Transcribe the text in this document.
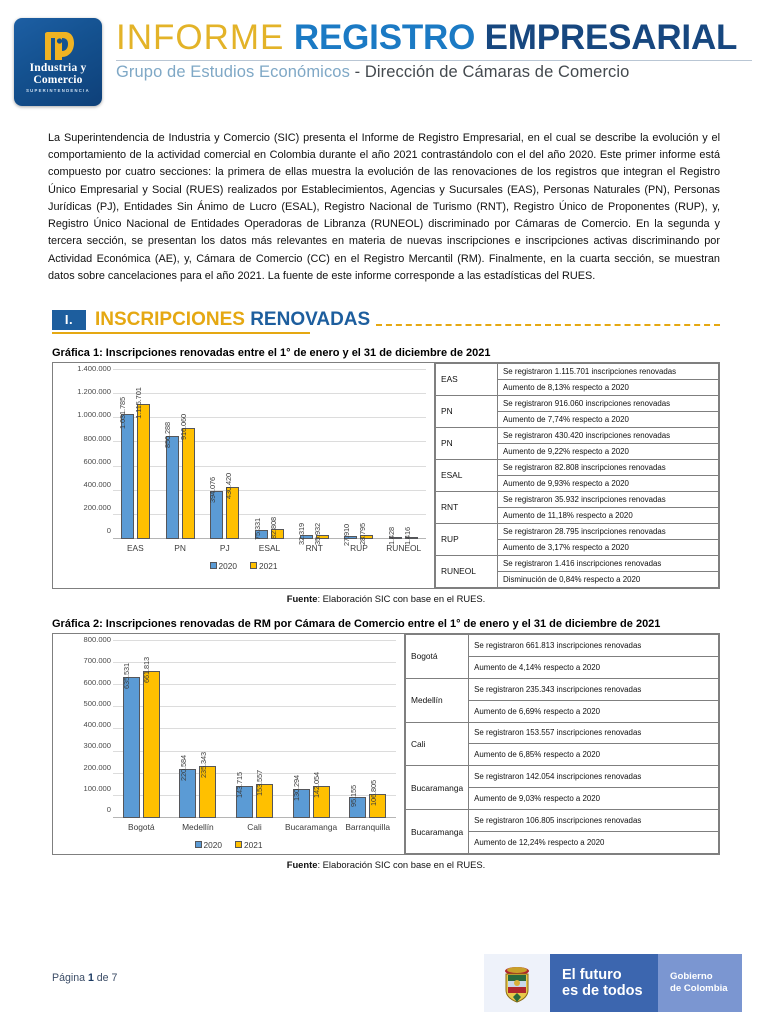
Industria y
Comercio
SUPERINTENDENCIA
INFORME REGISTRO EMPRESARIAL
Grupo de Estudios Económicos - Dirección de Cámaras de Comercio

La Superintendencia de Industria y Comercio (SIC) presenta el Informe de Registro Empresarial, en el cual se describe la evolución y el comportamiento de la actividad comercial en Colombia durante el año 2021 contrastándolo con el del año 2020. Este primer informe está compuesto por cuatro secciones: la primera de ellas muestra la evolución de las renovaciones de los registros que integran el Registro Único Empresarial y Social (RUES) realizados por Establecimientos, Agencias y Sucursales (EAS), Personas Naturales (PN), Personas Jurídicas (PJ), Entidades Sin Ánimo de Lucro (ESAL), Registro Nacional de Turismo (RNT), Registro Único de Proponentes (RUP), y, Registro Único Nacional de Entidades Operadoras de Libranza (RUNEOL) discriminado por Cámaras de Comercio. En la segunda y tercera sección, se presentan los datos más relevantes en materia de nuevas inscripciones e inscripciones activas discriminando por Actividad Económica (AE), y, Cámara de Comercio (CC) en el Registro Mercantil (RM). Finalmente, en la cuarta sección, se muestran datos sobre cancelaciones para el año 2021. La fuente de este informe corresponde a las estadísticas del RUES.

I.	INSCRIPCIONES RENOVADAS
Gráfica 1: Inscripciones renovadas entre el 1° de enero y el 31 de diciembre de 2021
1.400.000
1.200.000
1.000.000
800.000
600.000
400.000
200.000
0
1.031.785 1.115.701
850.288 916.060
394.076 430.420
75.331 82.808	32.319 35.932	27.910 28.795	1.428 1.416
EAS	PN	PJ	ESAL	RNT	RUP	RUNEOL
2020	2021
EAS	Se registraron 1.115.701 inscripciones renovadas
	Aumento de 8,13% respecto a 2020
PN	Se registraron 916.060 inscripciones renovadas
	Aumento de 7,74% respecto a 2020
PN	Se registraron 430.420 inscripciones renovadas
	Aumento de 9,22% respecto a 2020
ESAL	Se registraron 82.808 inscripciones renovadas
	Aumento de 9,93% respecto a 2020
RNT	Se registraron 35.932 inscripciones renovadas
	Aumento de 11,18% respecto a 2020
RUP	Se registraron 28.795 inscripciones renovadas
	Aumento de 3,17% respecto a 2020
RUNEOL	Se registraron 1.416 inscripciones renovadas
	Disminución de 0,84% respecto a 2020
Fuente: Elaboración SIC con base en el RUES.
Gráfica 2: Inscripciones renovadas de RM por Cámara de Comercio entre el 1° de enero y el 31 de diciembre de 2021
800.000
700.000
600.000
500.000
400.000
300.000
200.000
100.000
0
635.531 661.813
220.584 235.343
143.715 153.557	130.294 142.054	95.155 106.805
Bogotá	Medellín	Cali	Bucaramanga Barranquilla
2020	2021
Bogotá	Se registraron 661.813 inscripciones renovadas
	Aumento de 4,14% respecto a 2020
Medellín	Se registraron 235.343 inscripciones renovadas
	Aumento de 6,69% respecto a 2020
Cali	Se registraron 153.557 inscripciones renovadas
	Aumento de 6,85% respecto a 2020
Bucaramanga	Se registraron 142.054 inscripciones renovadas
	Aumento de 9,03% respecto a 2020
Bucaramanga	Se registraron 106.805 inscripciones renovadas
	Aumento de 12,24% respecto a 2020
Fuente: Elaboración SIC con base en el RUES.
Página 1 de 7	El futuro
es de todos
Gobierno
de Colombia
